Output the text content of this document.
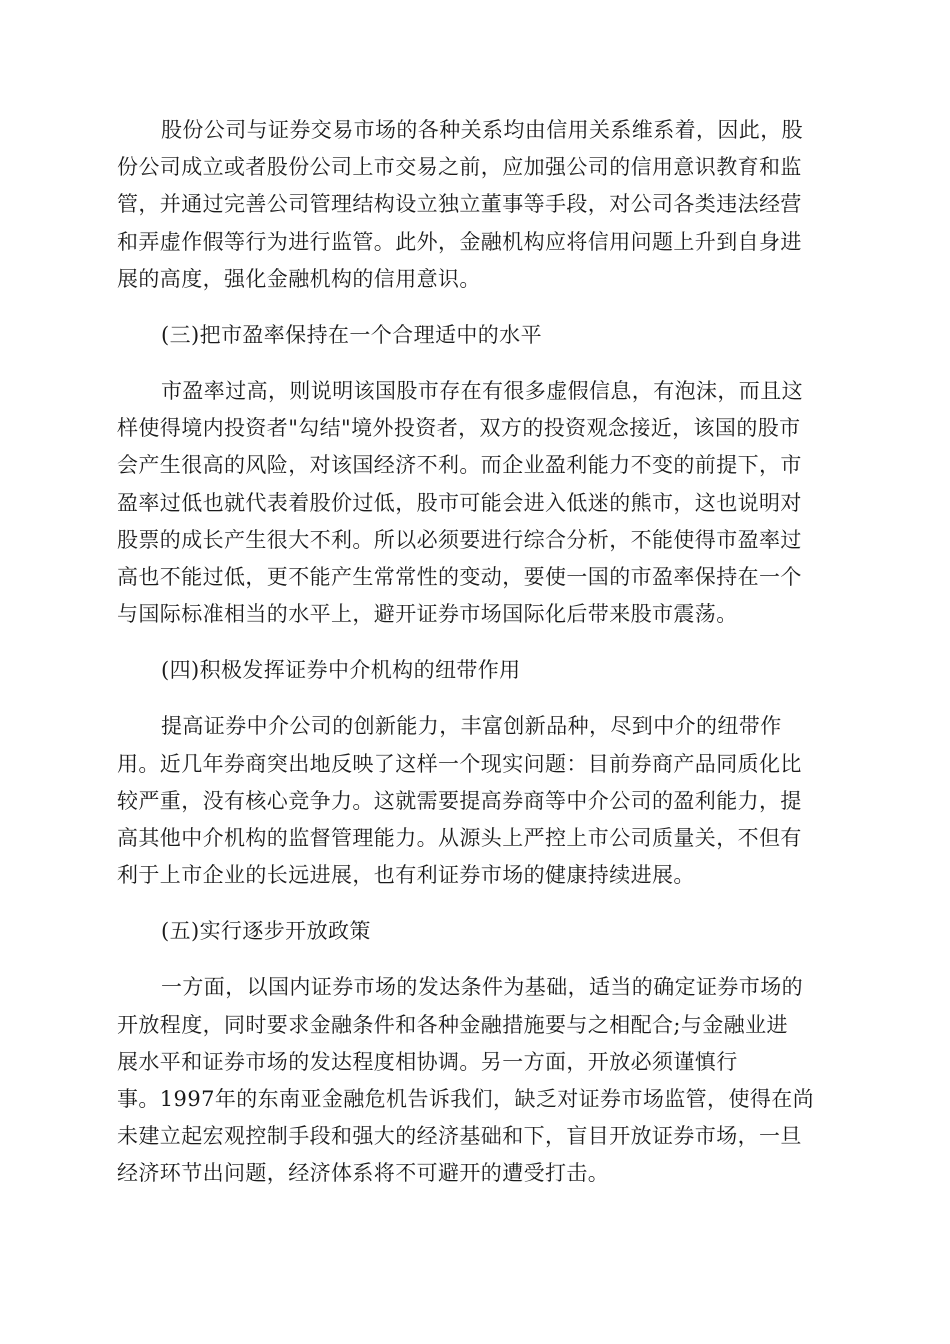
股份公司与证券交易市场的各种关系均由信用关系维系着，因此，股
份公司成立或者股份公司上市交易之前，应加强公司的信用意识教育和监
管，并通过完善公司管理结构设立独立董事等手段，对公司各类违法经营
和弄虚作假等行为进行监管。此外，金融机构应将信用问题上升到自身进
展的高度，强化金融机构的信用意识。
(三)把市盈率保持在一个合理适中的水平
市盈率过高，则说明该国股市存在有很多虚假信息，有泡沫，而且这
样使得境内投资者"勾结"境外投资者，双方的投资观念接近，该国的股市
会产生很高的风险，对该国经济不利。而企业盈利能力不变的前提下，市
盈率过低也就代表着股价过低，股市可能会进入低迷的熊市，这也说明对
股票的成长产生很大不利。所以必须要进行综合分析，不能使得市盈率过
高也不能过低，更不能产生常常性的变动，要使一国的市盈率保持在一个
与国际标准相当的水平上，避开证券市场国际化后带来股市震荡。
(四)积极发挥证券中介机构的纽带作用
提高证券中介公司的创新能力，丰富创新品种，尽到中介的纽带作
用。近几年券商突出地反映了这样一个现实问题：目前券商产品同质化比
较严重，没有核心竞争力。这就需要提高券商等中介公司的盈利能力，提
高其他中介机构的监督管理能力。从源头上严控上市公司质量关，不但有
利于上市企业的长远进展，也有利证券市场的健康持续进展。
(五)实行逐步开放政策
一方面，以国内证券市场的发达条件为基础，适当的确定证券市场的
开放程度，同时要求金融条件和各种金融措施要与之相配合;与金融业进
展水平和证券市场的发达程度相协调。另一方面，开放必须谨慎行
事。1997年的东南亚金融危机告诉我们，缺乏对证券市场监管，使得在尚
未建立起宏观控制手段和强大的经济基础和下，盲目开放证券市场，一旦
经济环节出问题，经济体系将不可避开的遭受打击。
